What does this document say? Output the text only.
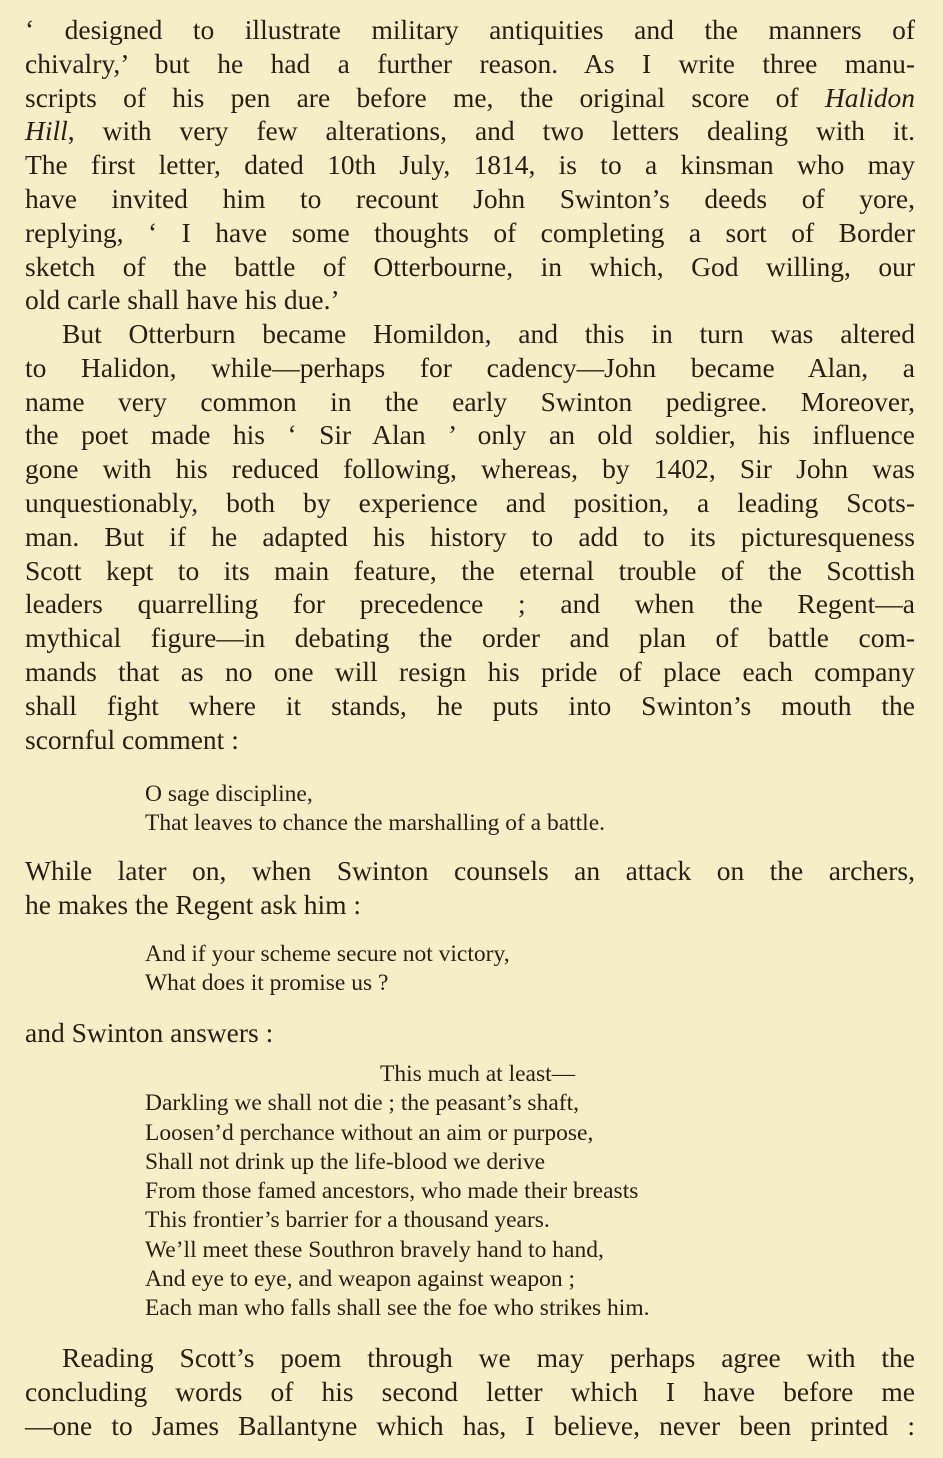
‘ designed to illustrate military antiquities and the manners of
chivalry,’ but he had a further reason. As I write three manu-
scripts of his pen are before me, the original score of Halidon
Hill, with very few alterations, and two letters dealing with it.
The first letter, dated 10th July, 1814, is to a kinsman who may
have invited him to recount John Swinton’s deeds of yore,
replying, ‘ I have some thoughts of completing a sort of Border
sketch of the battle of Otterbourne, in which, God willing, our
old carle shall have his due.’
But Otterburn became Homildon, and this in turn was altered
to Halidon, while—perhaps for cadency—John became Alan, a
name very common in the early Swinton pedigree. Moreover,
the poet made his ‘ Sir Alan ’ only an old soldier, his influence
gone with his reduced following, whereas, by 1402, Sir John was
unquestionably, both by experience and position, a leading Scots-
man. But if he adapted his history to add to its picturesqueness
Scott kept to its main feature, the eternal trouble of the Scottish
leaders quarrelling for precedence ; and when the Regent—a
mythical figure—in debating the order and plan of battle com-
mands that as no one will resign his pride of place each company
shall fight where it stands, he puts into Swinton’s mouth the
scornful comment :
O sage discipline,
That leaves to chance the marshalling of a battle.
While later on, when Swinton counsels an attack on the archers,
he makes the Regent ask him :
And if your scheme secure not victory,
What does it promise us ?
and Swinton answers :
This much at least—
Darkling we shall not die ; the peasant’s shaft,
Loosen’d perchance without an aim or purpose,
Shall not drink up the life-blood we derive
From those famed ancestors, who made their breasts
This frontier’s barrier for a thousand years.
We’ll meet these Southron bravely hand to hand,
And eye to eye, and weapon against weapon ;
Each man who falls shall see the foe who strikes him.
Reading Scott’s poem through we may perhaps agree with the
concluding words of his second letter which I have before me
—one to James Ballantyne which has, I believe, never been printed :
